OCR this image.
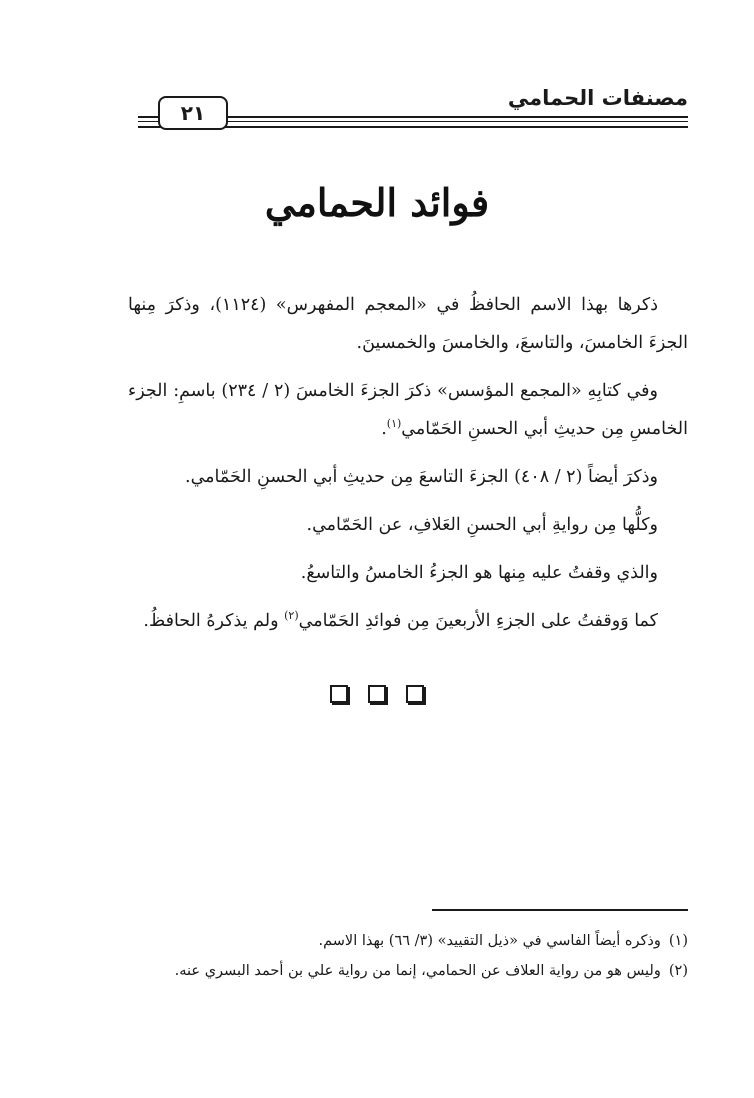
مصنفات الحمامي
٢١
فوائد الحمامي

ذكرها بهذا الاسم الحافظُ في «المعجم المفهرس» (١١٢٤)، وذكرَ مِنها الجزءَ الخامسَ، والتاسعَ، والخامسَ والخمسينَ.

وفي كتابِهِ «المجمع المؤسس» ذكرَ الجزءَ الخامسَ (٢ / ٢٣٤) باسمِ: الجزء الخامسِ مِن حديثِ أبي الحسنِ الحَمّامي$^{(١)}$.

وذكرَ أيضاً (٢ / ٤٠٨) الجزءَ التاسعَ مِن حديثِ أبي الحسنِ الحَمّامي.

وكلُّها مِن روايةِ أبي الحسنِ العَلافِ، عن الحَمّامي.

والذي وقفتُ عليه مِنها هو الجزءُ الخامسُ والتاسعُ.

كما وَوقفتُ على الجزءِ الأربعينَ مِن فوائدِ الحَمّامي$^{(٢)}$ ولم يذكرهُ الحافظُ.

(١)وذكره أيضاً الفاسي في «ذيل التقييد» (٣/ ٦٦) بهذا الاسم.

(٢)وليس هو من رواية العلاف عن الحمامي، إنما من رواية علي بن أحمد البسري عنه.
